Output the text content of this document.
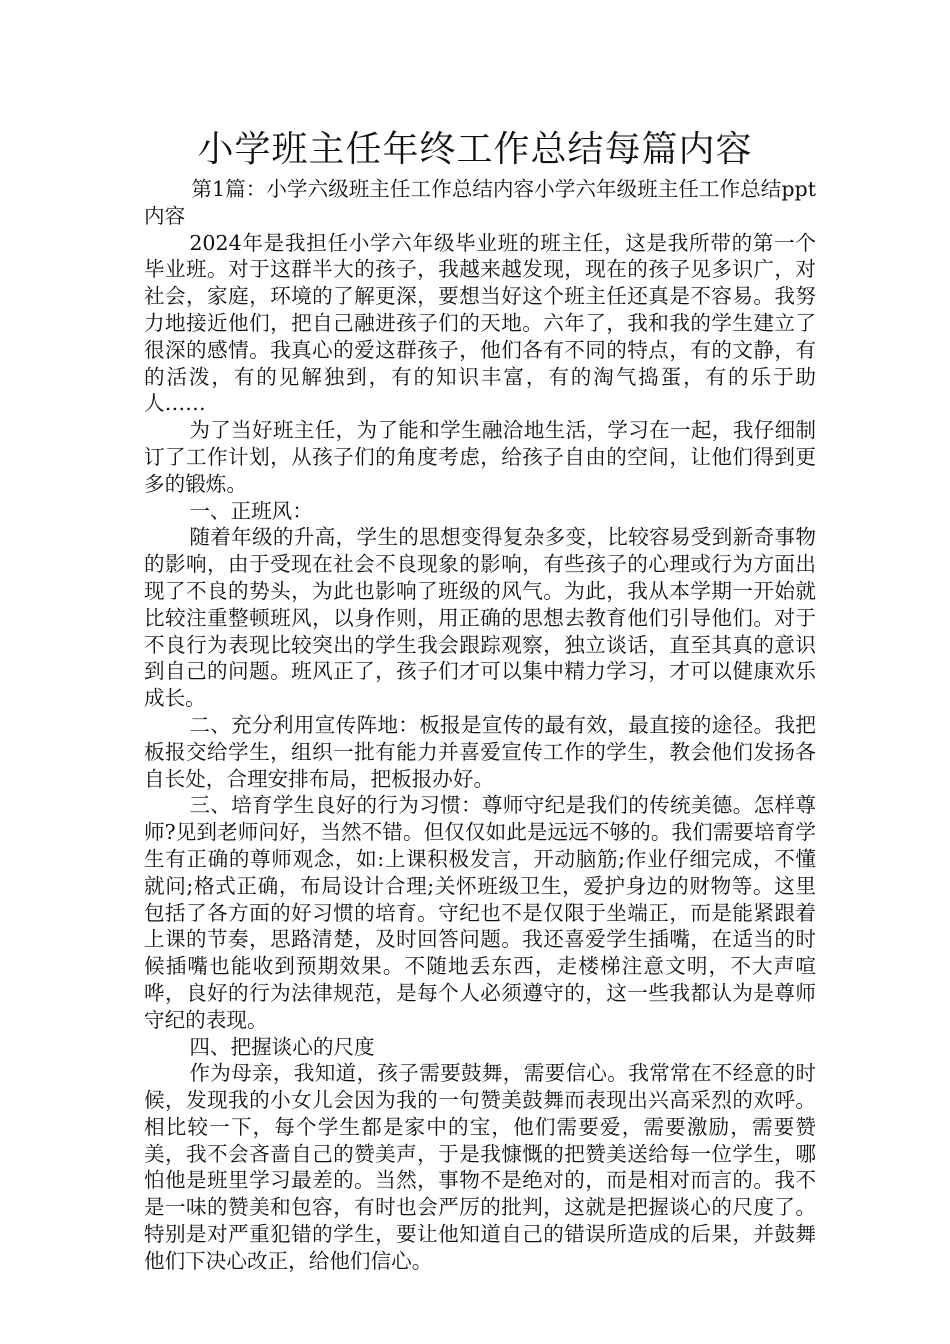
小学班主任年终工作总结每篇内容

第1篇：小学六级班主任工作总结内容小学六年级班主任工作总结ppt内容

2024年是我担任小学六年级毕业班的班主任，这是我所带的第一个毕业班。对于这群半大的孩子，我越来越发现，现在的孩子见多识广，对社会，家庭，环境的了解更深，要想当好这个班主任还真是不容易。我努力地接近他们，把自己融进孩子们的天地。六年了，我和我的学生建立了很深的感情。我真心的爱这群孩子，他们各有不同的特点，有的文静，有的活泼，有的见解独到，有的知识丰富，有的淘气捣蛋，有的乐于助人……

为了当好班主任，为了能和学生融洽地生活，学习在一起，我仔细制订了工作计划，从孩子们的角度考虑，给孩子自由的空间，让他们得到更多的锻炼。

一、正班风：

随着年级的升高，学生的思想变得复杂多变，比较容易受到新奇事物的影响，由于受现在社会不良现象的影响，有些孩子的心理或行为方面出现了不良的势头，为此也影响了班级的风气。为此，我从本学期一开始就比较注重整顿班风，以身作则，用正确的思想去教育他们引导他们。对于不良行为表现比较突出的学生我会跟踪观察，独立谈话，直至其真的意识到自己的问题。班风正了，孩子们才可以集中精力学习，才可以健康欢乐成长。

二、充分利用宣传阵地：板报是宣传的最有效，最直接的途径。我把板报交给学生，组织一批有能力并喜爱宣传工作的学生，教会他们发扬各自长处，合理安排布局，把板报办好。

三、培育学生良好的行为习惯：尊师守纪是我们的传统美德。怎样尊师?见到老师问好，当然不错。但仅仅如此是远远不够的。我们需要培育学生有正确的尊师观念，如:上课积极发言，开动脑筋;作业仔细完成，不懂就问;格式正确，布局设计合理;关怀班级卫生，爱护身边的财物等。这里包括了各方面的好习惯的培育。守纪也不是仅限于坐端正，而是能紧跟着上课的节奏，思路清楚，及时回答问题。我还喜爱学生插嘴，在适当的时候插嘴也能收到预期效果。不随地丢东西，走楼梯注意文明，不大声喧哗，良好的行为法律规范，是每个人必须遵守的，这一些我都认为是尊师守纪的表现。

四、把握谈心的尺度

作为母亲，我知道，孩子需要鼓舞，需要信心。我常常在不经意的时候，发现我的小女儿会因为我的一句赞美鼓舞而表现出兴高采烈的欢呼。相比较一下，每个学生都是家中的宝，他们需要爱，需要激励，需要赞美，我不会吝啬自己的赞美声，于是我慷慨的把赞美送给每一位学生，哪怕他是班里学习最差的。当然，事物不是绝对的，而是相对而言的。我不是一味的赞美和包容，有时也会严厉的批判，这就是把握谈心的尺度了。特别是对严重犯错的学生，要让他知道自己的错误所造成的后果，并鼓舞他们下决心改正，给他们信心。
